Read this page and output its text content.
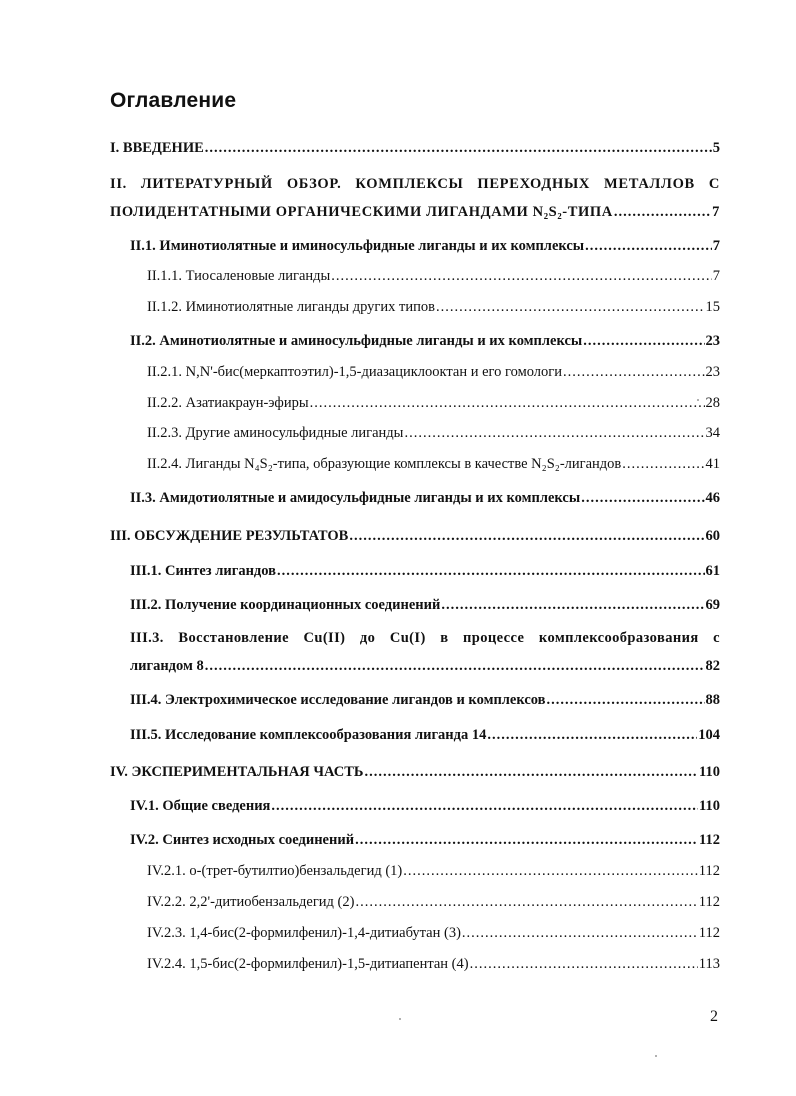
Оглавление
I. ВВЕДЕНИЕ .....	5
II. ЛИТЕРАТУРНЫЙ ОБЗОР. КОМПЛЕКСЫ ПЕРЕХОДНЫХ МЕТАЛЛОВ С
ПОЛИДЕНТАТНЫМИ ОРГАНИЧЕСКИМИ ЛИГАНДАМИ N₂S₂-ТИПА .....	7
II.1. Иминотиолятные и иминосульфидные лиганды и их комплексы .....	7
II.1.1. Тиосаленовые лиганды .....	7
II.1.2. Иминотиолятные лиганды других типов .....	15
II.2. Аминотиолятные и аминосульфидные лиганды и их комплексы .....	23
II.2.1. N,N'-бис(меркаптоэтил)-1,5-диазациклооктан и его гомологи .....	23
II.2.2. Азатиакраун-эфиры .....	28
II.2.3. Другие аминосульфидные лиганды .....	34
II.2.4. Лиганды N₄S₂-типа, образующие комплексы в качестве N₂S₂-лигандов .....	41
II.3. Амидотиолятные и амидосульфидные лиганды и их комплексы .....	46
III. ОБСУЖДЕНИЕ РЕЗУЛЬТАТОВ .....	60
III.1. Синтез лигандов .....	61
III.2. Получение координационных соединений .....	69
III.3. Восстановление Cu(II) до Cu(I) в процессе комплексообразования с
лигандом 8 .....	82
III.4. Электрохимическое исследование лигандов и комплексов .....	88
III.5. Исследование комплексообразования лиганда 14 .....	104
IV. ЭКСПЕРИМЕНТАЛЬНАЯ ЧАСТЬ .....	110
IV.1. Общие сведения .....	110
IV.2. Синтез исходных соединений .....	112
IV.2.1. о-(трет-бутилтио)бензальдегид (1) .....	112
IV.2.2. 2,2'-дитиобензальдегид (2) .....	112
IV.2.3. 1,4-бис(2-формилфенил)-1,4-дитиабутан (3) .....	112
IV.2.4. 1,5-бис(2-формилфенил)-1,5-дитиапентан (4) .....	113
2
